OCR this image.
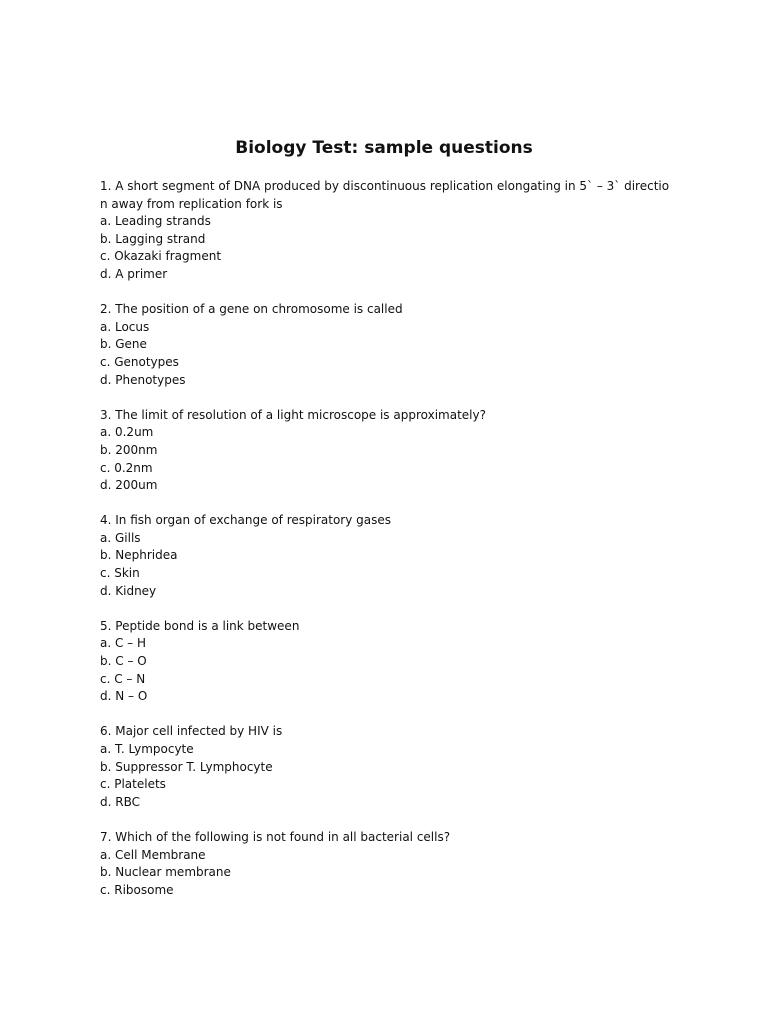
Biology Test: sample questions
1. A short segment of DNA produced by discontinuous replication elongating in 5` – 3` directio
n away from replication fork is
a. Leading strands
b. Lagging strand
c. Okazaki fragment
d. A primer
2. The position of a gene on chromosome is called
a. Locus
b. Gene
c. Genotypes
d. Phenotypes
3. The limit of resolution of a light microscope is approximately?
a. 0.2um
b. 200nm
c. 0.2nm
d. 200um
4. In fish organ of exchange of respiratory gases
a. Gills
b. Nephridea
c. Skin
d. Kidney
5. Peptide bond is a link between
a. C – H
b. C – O
c. C – N
d. N – O
6. Major cell infected by HIV is
a. T. Lympocyte
b. Suppressor T. Lymphocyte
c. Platelets
d. RBC
7. Which of the following is not found in all bacterial cells?
a. Cell Membrane
b. Nuclear membrane
c. Ribosome
